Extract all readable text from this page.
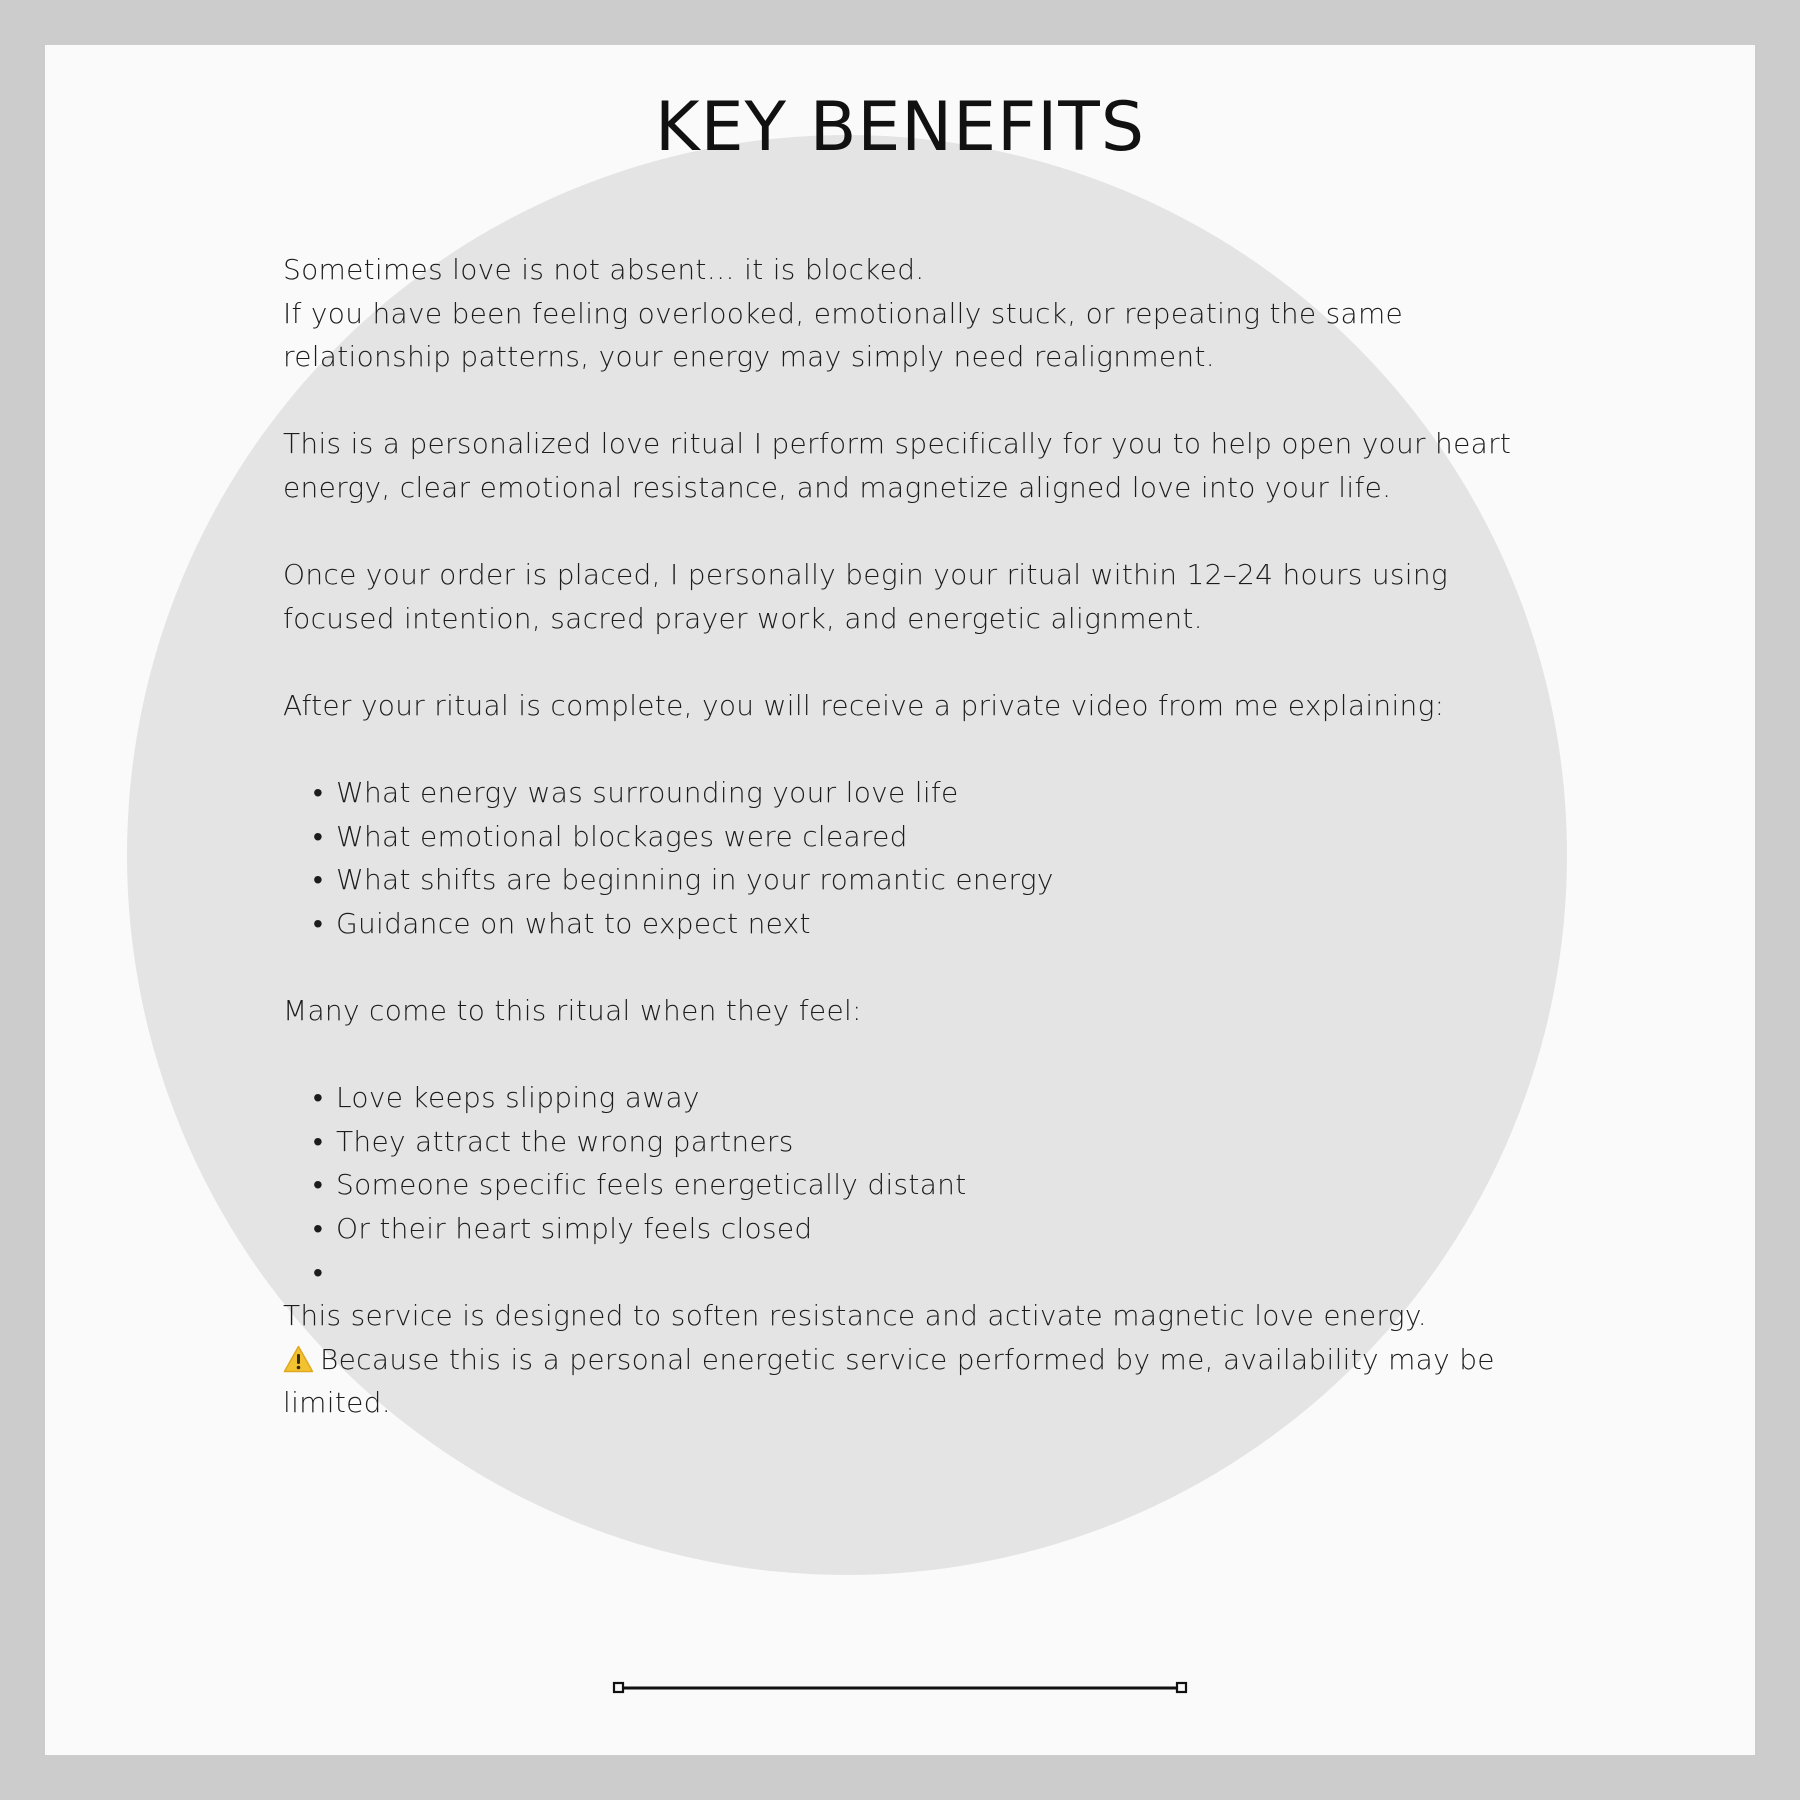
KEY BENEFITS

Sometimes love is not absent… it is blocked.

If you have been feeling overlooked, emotionally stuck, or repeating the same relationship patterns, your energy may simply need realignment.

This is a personalized love ritual I perform specifically for you to help open your heart energy, clear emotional resistance, and magnetize aligned love into your life.

Once your order is placed, I personally begin your ritual within 12–24 hours using focused intention, sacred prayer work, and energetic alignment.

After your ritual is complete, you will receive a private video from me explaining:

• What energy was surrounding your love life
• What emotional blockages were cleared
• What shifts are beginning in your romantic energy
• Guidance on what to expect next

Many come to this ritual when they feel:

• Love keeps slipping away
• They attract the wrong partners
• Someone specific feels energetically distant
• Or their heart simply feels closed
•

This service is designed to soften resistance and activate magnetic love energy.

Because this is a personal energetic service performed by me, availability may be limited.
